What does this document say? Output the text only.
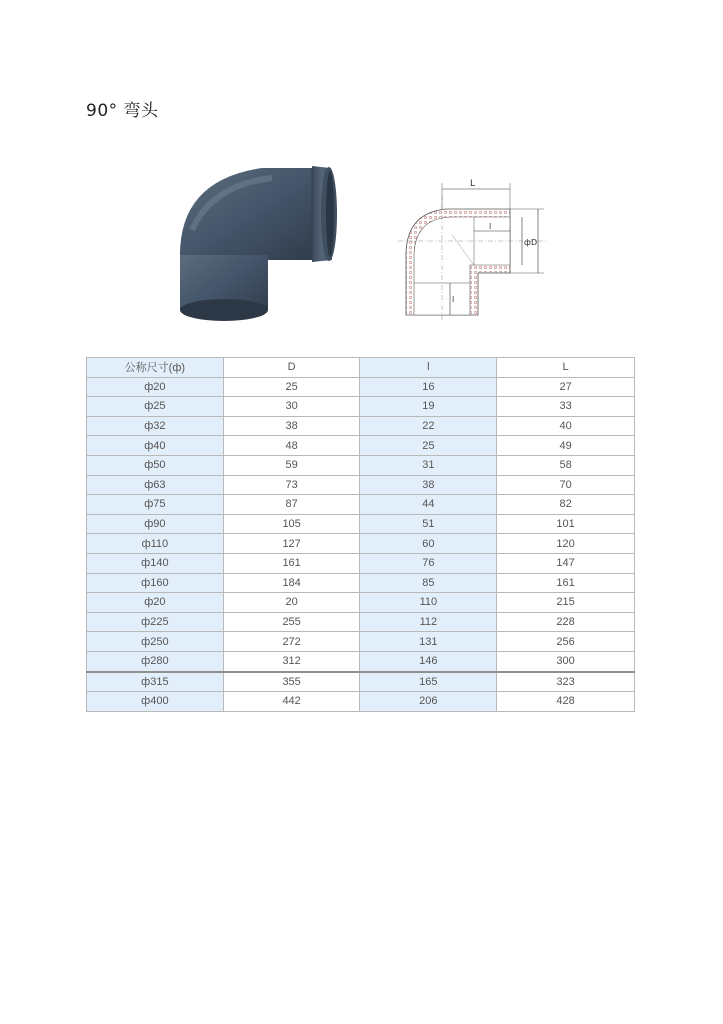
90° 弯头
L
l
ф D
l
公称尺寸(ф)	D	l	L
ф20	25	16	27
ф25	30	19	33
ф32	38	22	40
ф40	48	25	49
ф50	59	31	58
ф63	73	38	70
ф75	87	44	82
ф90	105	51	101
ф110	127	60	120
ф140	161	76	147
ф160	184	85	161
ф20	20	110	215
ф225	255	112	228
ф250	272	131	256
ф280	312	146	300
ф315	355	165	323
ф400	442	206	428
